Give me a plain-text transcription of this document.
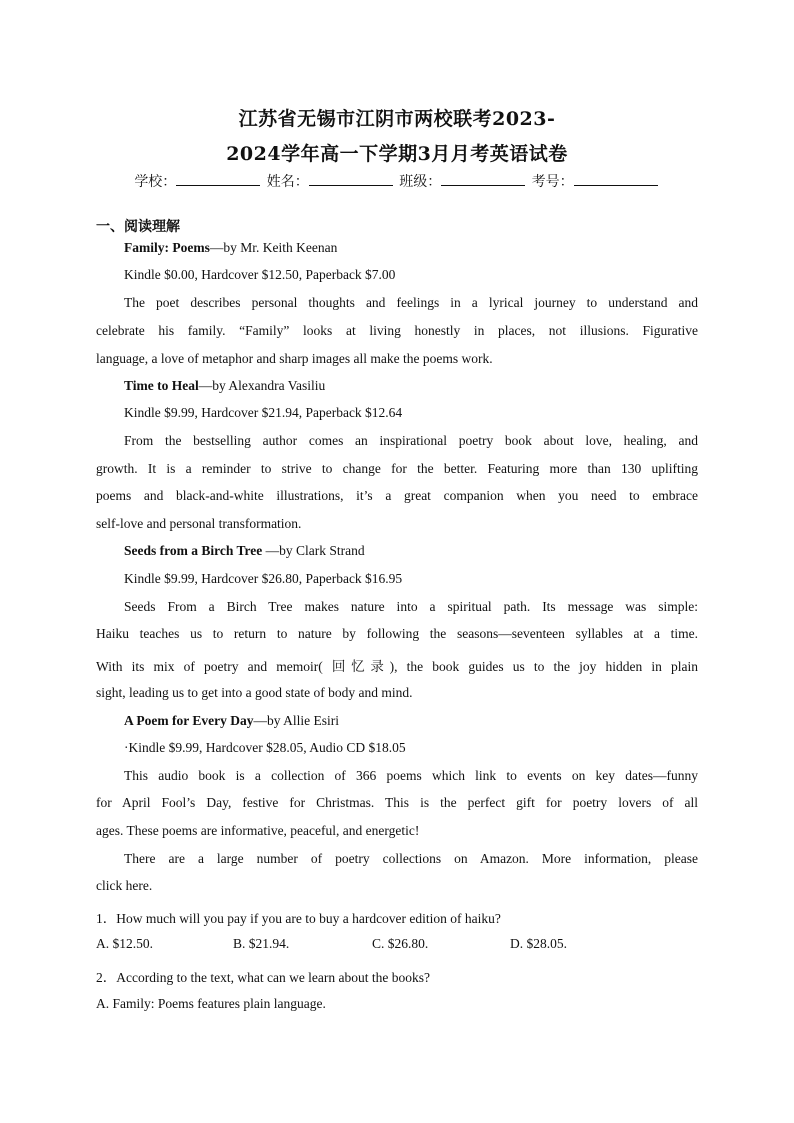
江苏省无锡市江阴市两校联考2023-
2024学年高一下学期3月月考英语试卷
学校：	姓名：	班级：	考号：
一、阅读理解
Family: Poems—by Mr. Keith Keenan
Kindle $0.00, Hardcover $12.50, Paperback $7.00
The poet describes personal thoughts and feelings in a lyrical journey to understand and
celebrate his family. “Family” looks at living honestly in places, not illusions. Figurative
language, a love of metaphor and sharp images all make the poems work.
Time to Heal—by Alexandra Vasiliu
Kindle $9.99, Hardcover $21.94, Paperback $12.64
From the bestselling author comes an inspirational poetry book about love, healing, and
growth. It is a reminder to strive to change for the better. Featuring more than 130 uplifting
poems and black-and-white illustrations, it’s a great companion when you need to embrace
self-love and personal transformation.
Seeds from a Birch Tree —by Clark Strand
Kindle $9.99, Hardcover $26.80, Paperback $16.95
Seeds From a Birch Tree makes nature into a spiritual path. Its message was simple:
Haiku teaches us to return to nature by following the seasons—seventeen syllables at a time.
With its mix of poetry and memoir( 回忆录), the book guides us to the joy hidden in plain
sight, leading us to get into a good state of body and mind.
A Poem for Every Day—by Allie Esiri
·Kindle $9.99, Hardcover $28.05, Audio CD $18.05
This audio book is a collection of 366 poems which link to events on key dates—funny
for April Fool’s Day, festive for Christmas. This is the perfect gift for poetry lovers of all
ages. These poems are informative, peaceful, and energetic!
There are a large number of poetry collections on Amazon. More information, please
click here.
1．How much will you pay if you are to buy a hardcover edition of haiku?
A. $12.50.	B. $21.94.	C. $26.80.	D. $28.05.
2．According to the text, what can we learn about the books?
A. Family: Poems features plain language.
